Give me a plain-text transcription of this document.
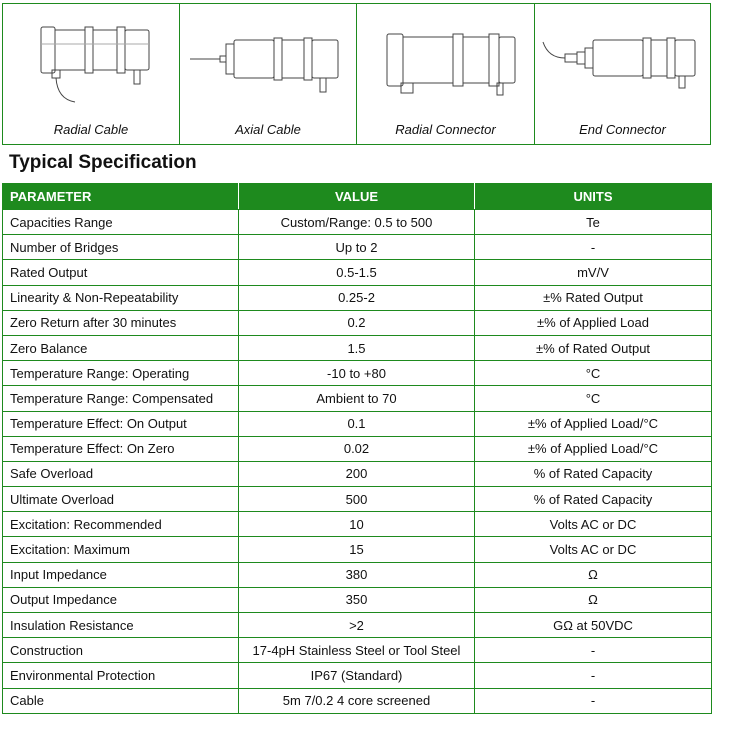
Radial Cable	Axial Cable	Radial Connector	End Connector
Typical Specification
PARAMETER	VALUE	UNITS
Capacities Range	Custom/Range: 0.5 to 500	Te
Number of Bridges	Up to 2	-
Rated Output	0.5-1.5	mV/V
Linearity & Non-Repeatability	0.25-2	±% Rated Output
Zero Return after 30 minutes	0.2	±% of Applied Load
Zero Balance	1.5	±% of Rated Output
Temperature Range: Operating	-10 to +80	°C
Temperature Range: Compensated	Ambient to 70	°C
Temperature Effect: On Output	0.1	±% of Applied Load/°C
Temperature Effect: On Zero	0.02	±% of Applied Load/°C
Safe Overload	200	% of Rated Capacity
Ultimate Overload	500	% of Rated Capacity
Excitation: Recommended	10	Volts AC or DC
Excitation: Maximum	15	Volts AC or DC
Input Impedance	380	Ω
Output Impedance	350	Ω
Insulation Resistance	>2	GΩ at 50VDC
Construction	17-4pH Stainless Steel or Tool Steel	-
Environmental Protection	IP67 (Standard)	-
Cable	5m 7/0.2 4 core screened	-
